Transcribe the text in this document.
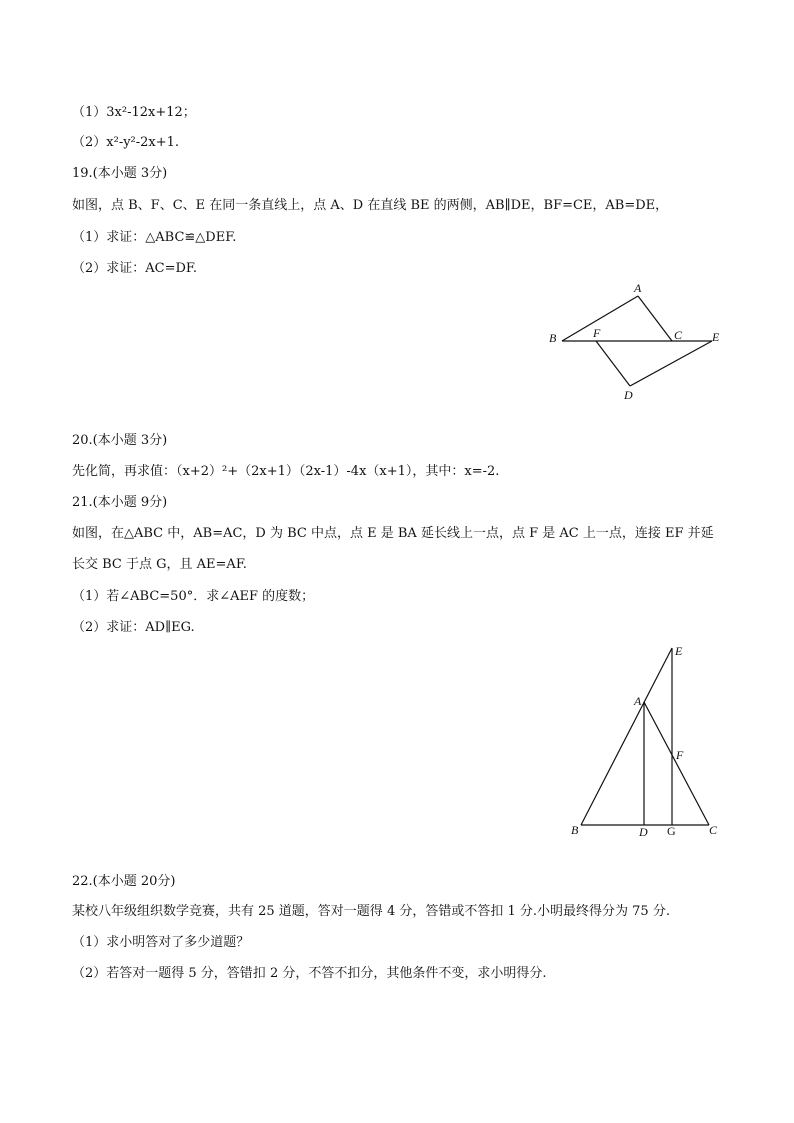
（1）3x²-12x+12；
（2）x²-y²-2x+1.
19.(本小题 3分)
如图，点 B、F、C、E 在同一条直线上，点 A、D 在直线 BE 的两侧，AB∥DE，BF=CE，AB=DE，
（1）求证：△ABC≌△DEF.
（2）求证：AC=DF.
20.(本小题 3分)
先化简，再求值：（x+2）²+（2x+1）（2x-1）-4x（x+1），其中：x=-2.
21.(本小题 9分)
如图，在△ABC 中，AB=AC，D 为 BC 中点，点 E 是 BA 延长线上一点，点 F 是 AC 上一点，连接 EF 并延
长交 BC 于点 G，且 AE=AF.
（1）若∠ABC=50°．求∠AEF 的度数；
（2）求证：AD∥EG.
22.(本小题 20分)
某校八年级组织数学竞赛，共有 25 道题，答对一题得 4 分，答错或不答扣 1 分.小明最终得分为 75 分.
（1）求小明答对了多少道题？
（2）若答对一题得 5 分，答错扣 2 分，不答不扣分，其他条件不变，求小明得分.
A
B	F	C E
D
E
A
F
B	D G	C
